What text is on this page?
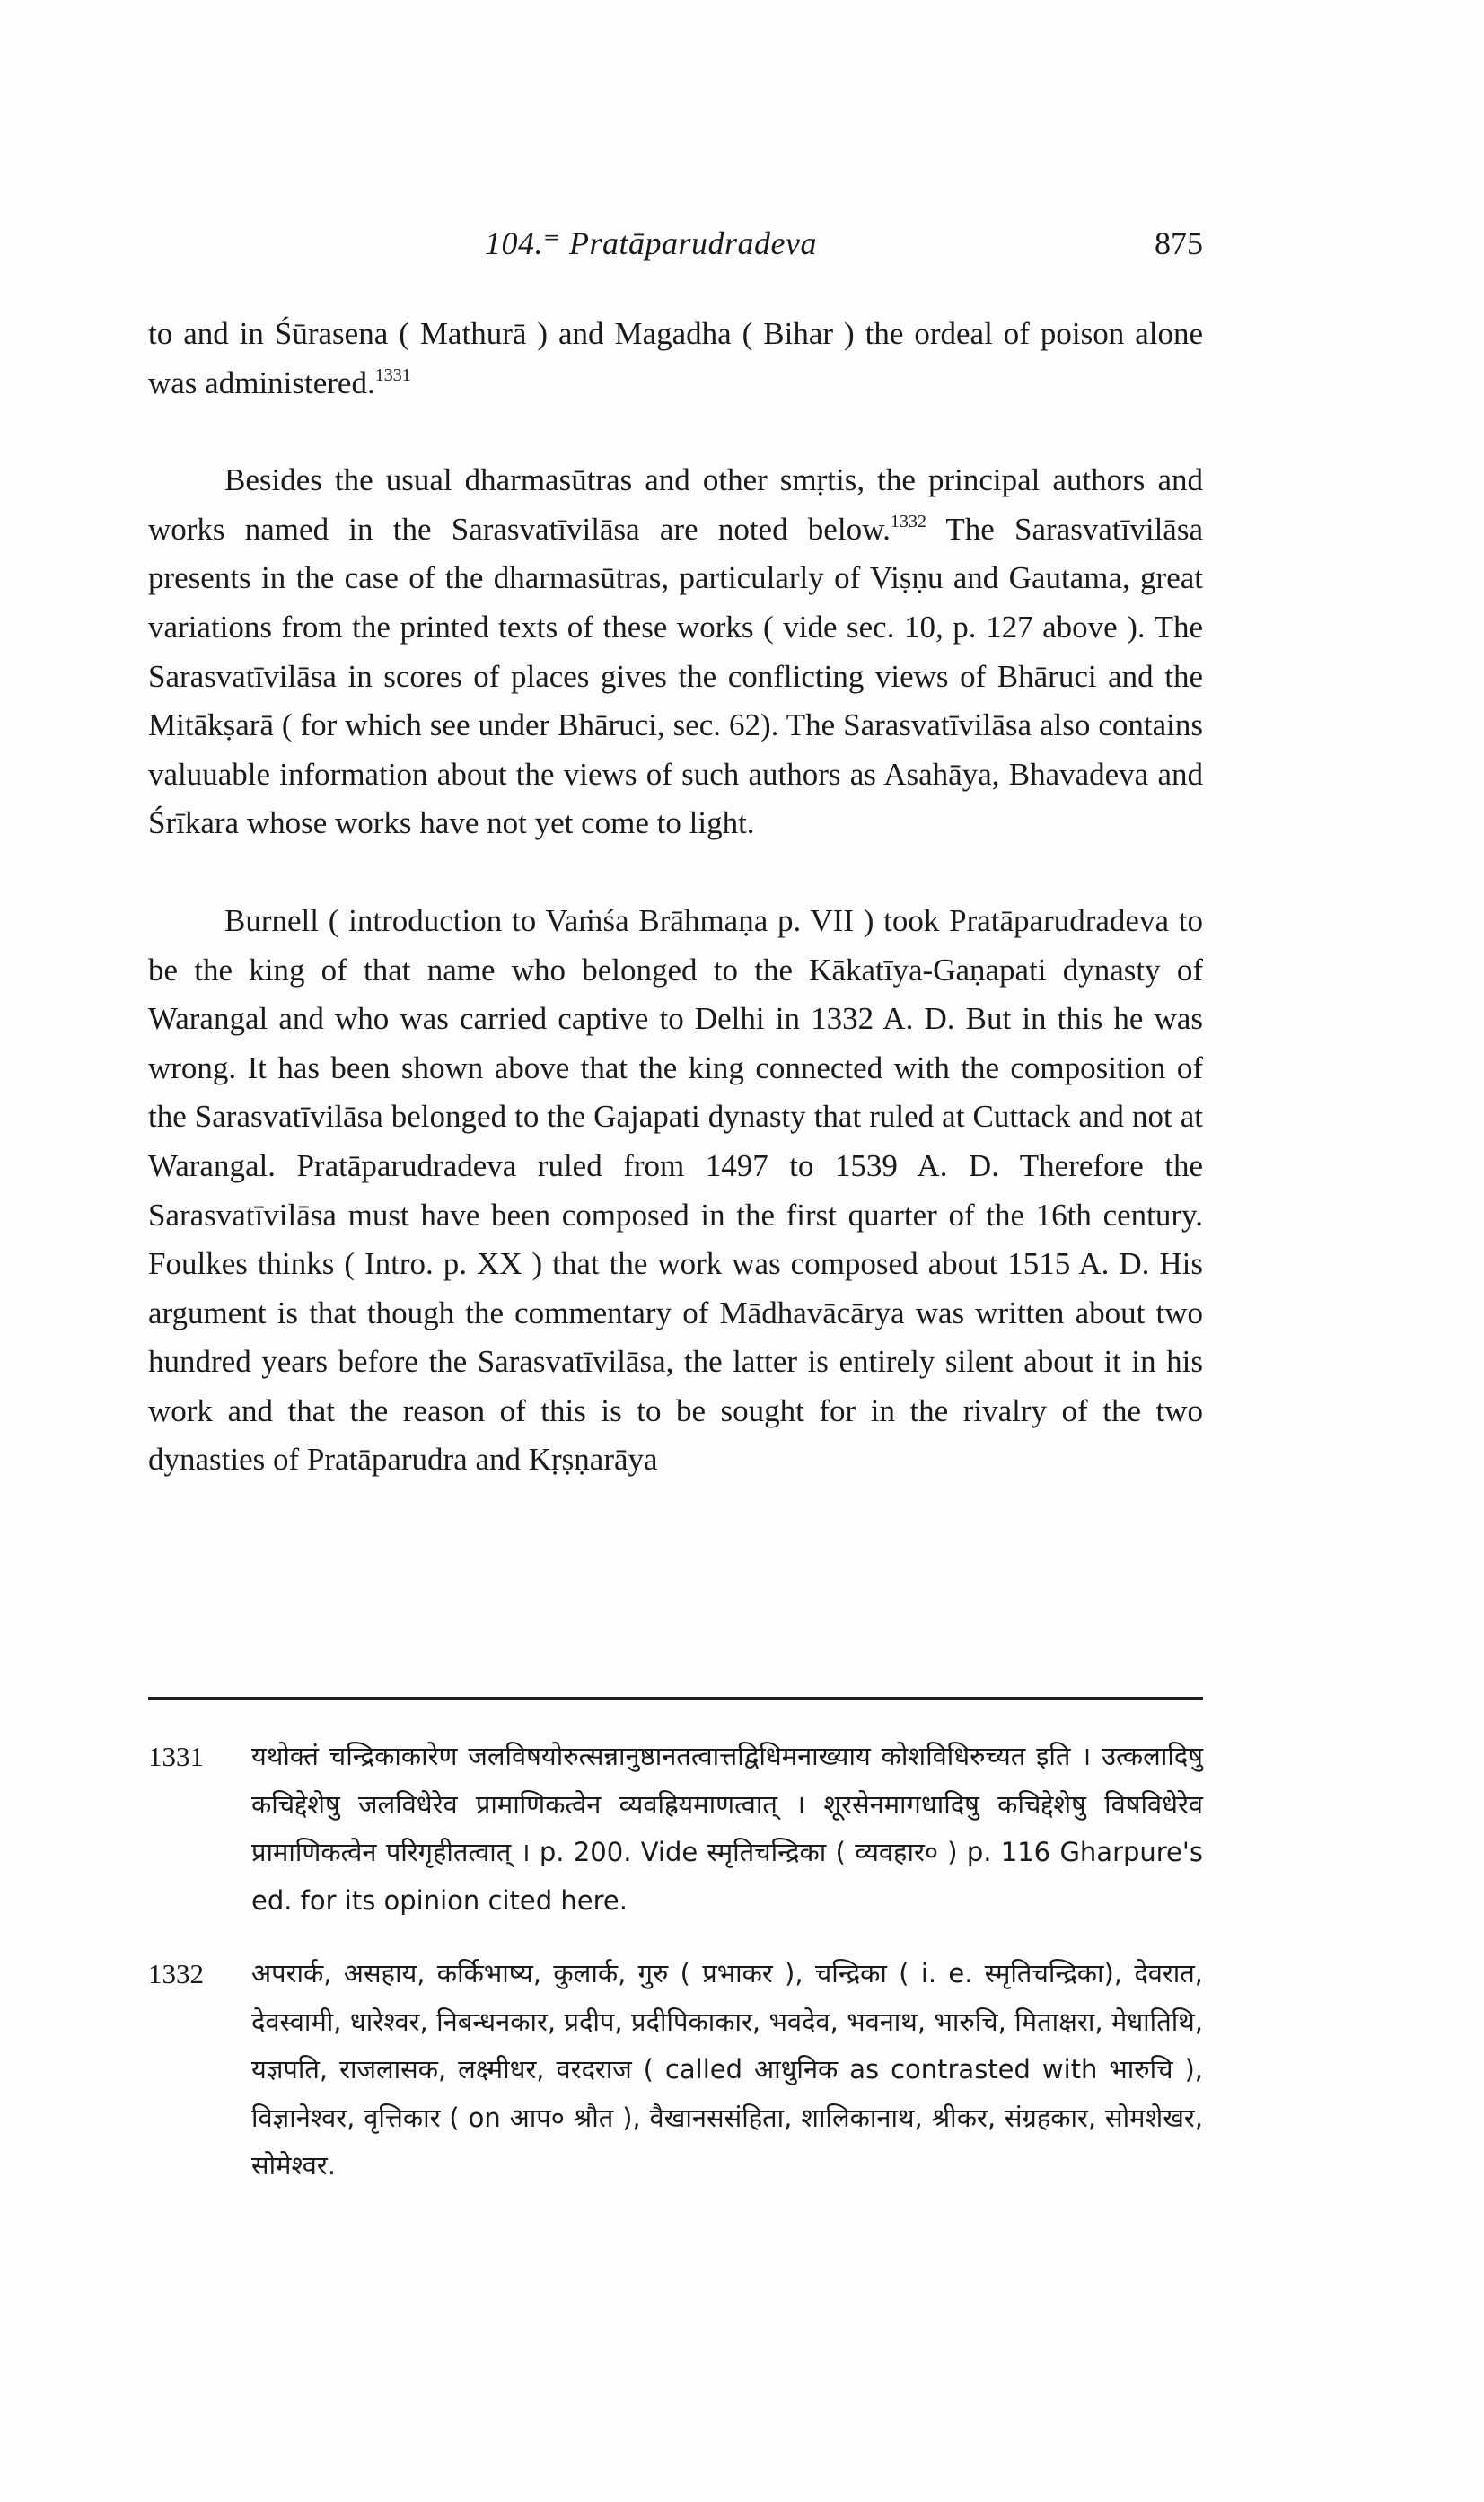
104.⁼ Pratāparudradeva	875

to and in Śūrasena ( Mathurā ) and Magadha ( Bihar ) the ordeal of poison alone was administered.$^{1331}$

Besides the usual dharmasūtras and other smṛtis, the principal authors and works named in the Sarasvatīvilāsa are noted below.$^{1332}$ The Sarasvatīvilāsa presents in the case of the dharmasūtras, particularly of Viṣṇu and Gautama, great variations from the printed texts of these works ( vide sec. 10, p. 127 above ). The Sarasvatīvilāsa in scores of places gives the conflicting views of Bhāruci and the Mitākṣarā ( for which see under Bhāruci, sec. 62). The Sarasvatīvilāsa also contains valuuable information about the views of such authors as Asahāya, Bhavadeva and Śrīkara whose works have not yet come to light.

Burnell ( introduction to Vaṁśa Brāhmaṇa p. VII ) took Pratāparudradeva to be the king of that name who belonged to the Kākatīya-Gaṇapati dynasty of Warangal and who was carried captive to Delhi in 1332 A. D. But in this he was wrong. It has been shown above that the king connected with the composition of the Sarasvatīvilāsa belonged to the Gajapati dynasty that ruled at Cuttack and not at Warangal. Pratāparudradeva ruled from 1497 to 1539 A. D. Therefore the Sarasvatīvilāsa must have been composed in the first quarter of the 16th century. Foulkes thinks ( Intro. p. XX ) that the work was composed about 1515 A. D. His argument is that though the commentary of Mādhavācārya was written about two hundred years before the Sarasvatīvilāsa, the latter is entirely silent about it in his work and that the reason of this is to be sought for in the rivalry of the two dynasties of Pratāparudra and Kṛṣṇarāya

1331	यथोक्तं चन्द्रिकाकारेण जलविषयोरुत्सन्नानुष्ठानतत्वात्तद्विधिमनाख्याय कोशविधिरुच्यत इति । उत्कलादिषु कचिद्देशेषु जलविधेरेव प्रामाणिकत्वेन व्यवह्रियमाणत्वात् । शूरसेनमागधादिषु कचिद्देशेषु विषविधेरेव प्रामाणिकत्वेन परिगृहीतत्वात् । p. 200. Vide स्मृतिचन्द्रिका ( व्यवहार० ) p. 116 Gharpure's ed. for its opinion cited here.
1332	अपरार्क, असहाय, कर्किभाष्य, कुलार्क, गुरु ( प्रभाकर ), चन्द्रिका ( i. e. स्मृतिचन्द्रिका), देवरात, देवस्वामी, धारेश्वर, निबन्धनकार, प्रदीप, प्रदीपिकाकार, भवदेव, भवनाथ, भारुचि, मिताक्षरा, मेधातिथि, यज्ञपति, राजलासक, लक्ष्मीधर, वरदराज ( called आधुनिक as contrasted with भारुचि ), विज्ञानेश्वर, वृत्तिकार ( on आप० श्रौत ), वैखानससंहिता, शालिकानाथ, श्रीकर, संग्रहकार, सोमशेखर, सोमेश्वर.
